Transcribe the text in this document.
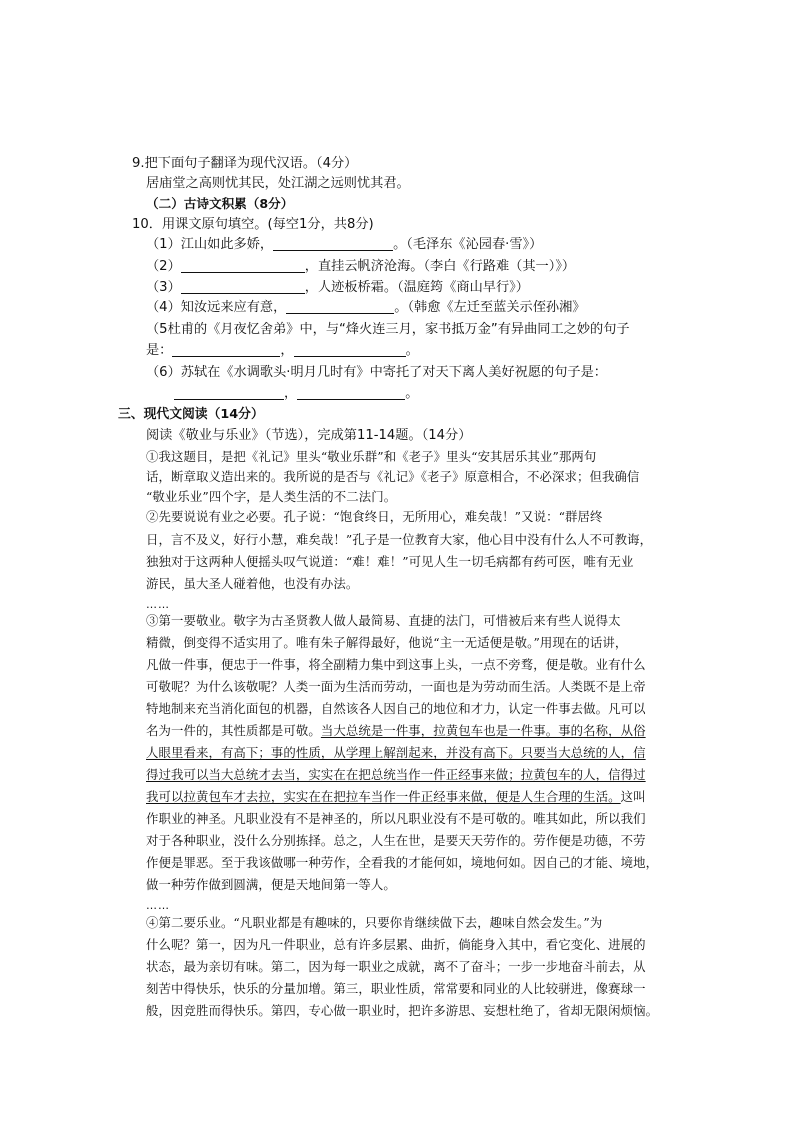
9.把下面句子翻译为现代汉语。（4分）
居庙堂之高则忧其民，处江湖之远则忧其君。
（二）古诗文积累（8分）
10．用课文原句填空。(每空1分，共8分)
（1）江山如此多娇，	。（毛泽东《沁园春·雪》）
（2）	，直挂云帆济沧海。（李白《行路难（其一）》）
（3）	，人迹板桥霜。（温庭筠《商山早行》）
（4）知汝远来应有意，	。（韩愈《左迁至蓝关示侄孙湘》
（5杜甫的《月夜忆舍弟》中，与“烽火连三月，家书抵万金”有异曲同工之妙的句子
是：	，	。
（6）苏轼在《水调歌头·明月几时有》中寄托了对天下离人美好祝愿的句子是：
，	。
三、现代文阅读（14分）
阅读《敬业与乐业》（节选），完成第11-14题。（14分）
①我这题目，是把《礼记》里头“敬业乐群”和《老子》里头“安其居乐其业”那两句
话，断章取义造出来的。我所说的是否与《礼记》《老子》原意相合，不必深求；但我确信
“敬业乐业”四个字，是人类生活的不二法门。
②先要说说有业之必要。孔子说：“饱食终日，无所用心，难矣哉！”又说：“群居终
日，言不及义，好行小慧，难矣哉！”孔子是一位教育大家，他心目中没有什么人不可教诲，
独独对于这两种人便摇头叹气说道：“难！难！”可见人生一切毛病都有药可医，唯有无业
游民，虽大圣人碰着他，也没有办法。
……
③第一要敬业。敬字为古圣贤教人做人最简易、直捷的法门，可惜被后来有些人说得太
精微，倒变得不适实用了。唯有朱子解得最好，他说“主一无适便是敬。”用现在的话讲，
凡做一件事，便忠于一件事，将全副精力集中到这事上头，一点不旁骛，便是敬。业有什么
可敬呢？为什么该敬呢？人类一面为生活而劳动，一面也是为劳动而生活。人类既不是上帝
特地制来充当消化面包的机器，自然该各人因自己的地位和才力，认定一件事去做。凡可以
名为一件的，其性质都是可敬。当大总统是一件事，拉黄包车也是一件事。事的名称，从俗
人眼里看来，有高下；事的性质，从学理上解剖起来，并没有高下。只要当大总统的人，信
得过我可以当大总统才去当，实实在在把总统当作一件正经事来做；拉黄包车的人，信得过
我可以拉黄包车才去拉，实实在在把拉车当作一件正经事来做，便是人生合理的生活。这叫
作职业的神圣。凡职业没有不是神圣的，所以凡职业没有不是可敬的。唯其如此，所以我们
对于各种职业，没什么分别拣择。总之，人生在世，是要天天劳作的。劳作便是功德，不劳
作便是罪恶。至于我该做哪一种劳作，全看我的才能何如，境地何如。因自己的才能、境地，
做一种劳作做到圆满，便是天地间第一等人。
……
④第二要乐业。“凡职业都是有趣味的，只要你肯继续做下去，趣味自然会发生。”为
什么呢？第一，因为凡一件职业，总有许多层累、曲折，倘能身入其中，看它变化、进展的
状态，最为亲切有味。第二，因为每一职业之成就，离不了奋斗；一步一步地奋斗前去，从
刻苦中得快乐，快乐的分量加增。第三，职业性质，常常要和同业的人比较骈进，像赛球一
般，因竞胜而得快乐。第四，专心做一职业时，把许多游思、妄想杜绝了，省却无限闲烦恼。
